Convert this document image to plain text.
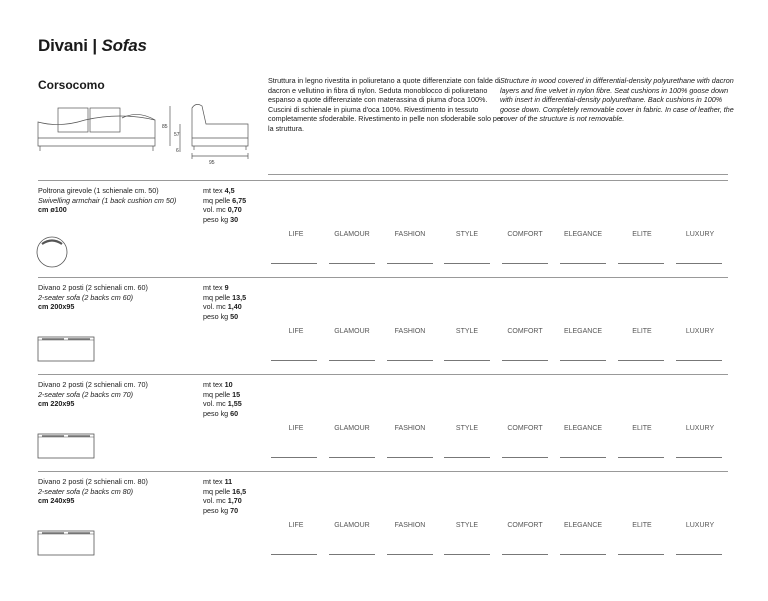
Divani | Sofas
Corsocomo
85
57
6
95
Struttura in legno rivestita in poliuretano a quote differenziate con falde di dacron e vellutino in fibra di nylon. Seduta monoblocco di poliuretano espanso a quote differenziate con materassina di piuma d'oca 100%. Cuscini di schienale in piuma d'oca 100%. Rivestimento in tessuto completamente sfoderabile. Rivestimento in pelle non sfoderabile solo per la struttura.
Structure in wood covered in differential-density polyurethane with dacron layers and fine velvet in nylon fibre. Seat cushions in 100% goose down with insert in differential-density polyurethane. Back cushions in 100% goose down. Completely removable cover in fabric. In case of leather, the cover of the structure is not removable.
Poltrona girevole (1 schienale cm. 50)
Swivelling armchair (1 back cushion cm 50)
cm ø100
mt tex 4,5
mq pelle 6,75
vol. mc 0,70
peso kg 30
LIFE	GLAMOUR	FASHION	STYLE	COMFORT	ELEGANCE	ELITE	LUXURY
Divano 2 posti (2 schienali cm. 60)
2-seater sofa (2 backs cm 60)
cm 200x95
mt tex 9
mq pelle 13,5
vol. mc 1,40
peso kg 50
LIFE	GLAMOUR	FASHION	STYLE	COMFORT	ELEGANCE	ELITE	LUXURY
Divano 2 posti (2 schienali cm. 70)
2-seater sofa (2 backs cm 70)
cm 220x95
mt tex 10
mq pelle 15
vol. mc 1,55
peso kg 60
LIFE	GLAMOUR	FASHION	STYLE	COMFORT	ELEGANCE	ELITE	LUXURY
Divano 2 posti (2 schienali cm. 80)
2-seater sofa (2 backs cm 80)
cm 240x95
mt tex 11
mq pelle 16,5
vol. mc 1,70
peso kg 70
LIFE	GLAMOUR	FASHION	STYLE	COMFORT	ELEGANCE	ELITE	LUXURY
